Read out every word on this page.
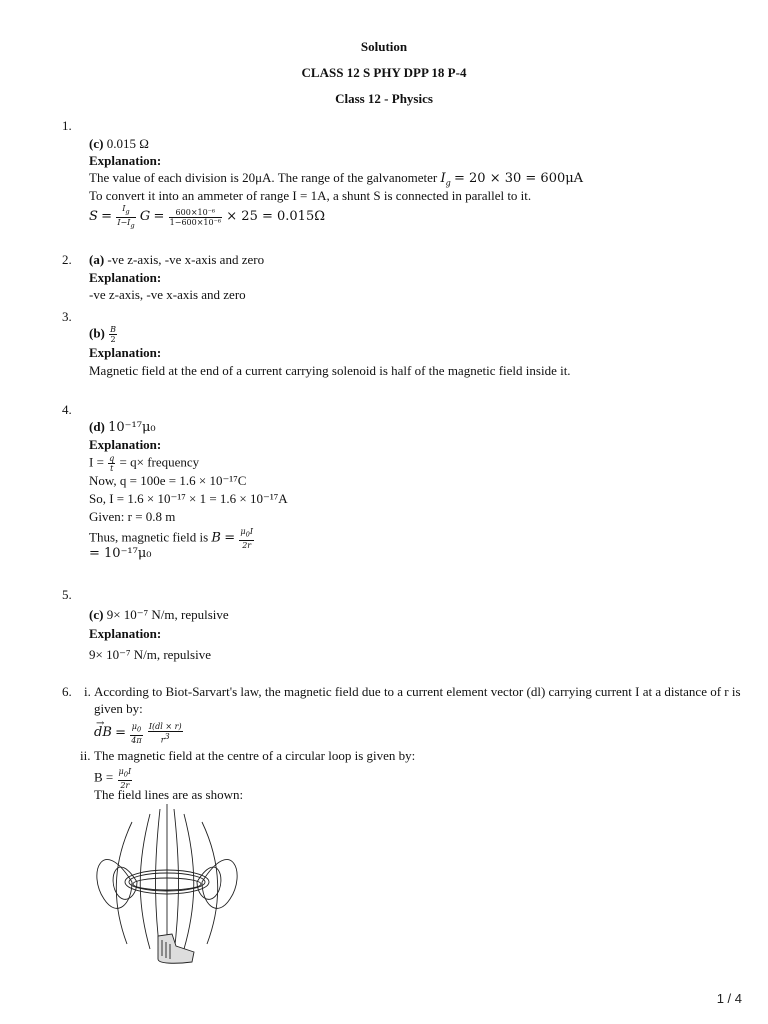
Solution
CLASS 12 S PHY DPP 18 P-4
Class 12 - Physics
1.
(c) 0.015 Ω
Explanation:
The value of each division is 20μA. The range of the galvanometer $I_g = 20 \times 30 = 600\mu A$
To convert it into an ammeter of range I = 1A, a shunt S is connected in parallel to it.
$S = \frac{I_g}{I-I_g}$ $G = \frac{\text{600×10⁻⁶}}{\text{1−600×10⁻⁶}} \times 25 = 0.015\Omega$
2. (a) -ve z-axis, -ve x-axis and zero
Explanation:
-ve z-axis, -ve x-axis and zero
3.
$(b) \frac{B}{2}$
Explanation:
Magnetic field at the end of a current carrying solenoid is half of the magnetic field inside it.
4.
(d) 10⁻¹⁷μ₀
Explanation:
$I = \frac{q}{t} = q\times$ frequency
Now, q = 100e = 1.6 × 10⁻¹⁷C
So, I = 1.6 × 10⁻¹⁷ × 1 = 1.6 × 10⁻¹⁷A
Given: r = 0.8 m
Thus, magnetic field is $B = \frac{\mu_0I}{2r}$
= 10⁻¹⁷μ₀
5.
(c) 9× 10⁻⁷ N/m, repulsive
Explanation:
9× 10⁻⁷ N/m, repulsive
6. i. According to Biot-Sarvart's law, the magnetic field due to a current element vector (dl) carrying current I at a distance of r is
given by:
→ dB = $\frac{\mu_0}{4\pi}$
$\frac{I(dl \times r)}{r^3}$
ii. The magnetic field at the centre of a circular loop is given by:
$B = \frac{\mu_0I}{2r}$
The field lines are as shown:
1 / 4
